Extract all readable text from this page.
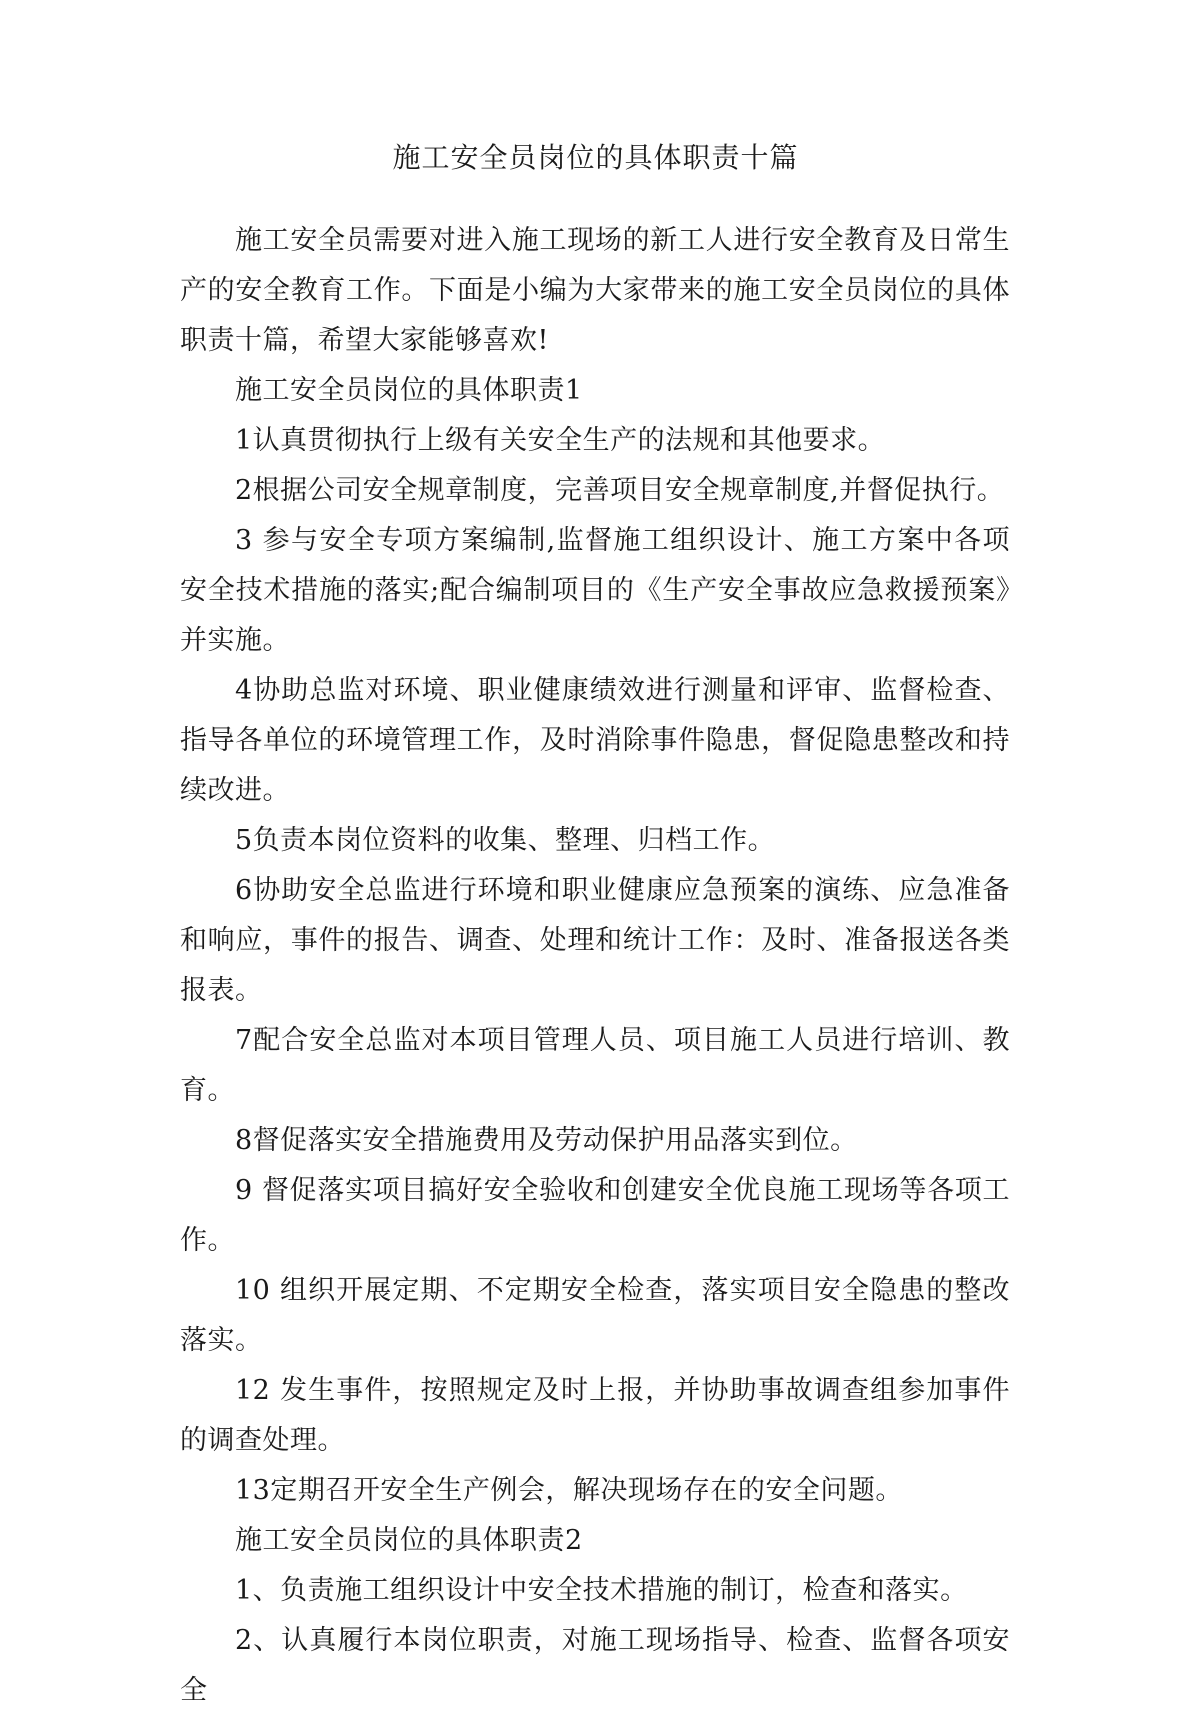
施工安全员岗位的具体职责十篇

施工安全员需要对进入施工现场的新工人进行安全教育及日常生产的安全教育工作。下面是小编为大家带来的施工安全员岗位的具体职责十篇，希望大家能够喜欢!

施工安全员岗位的具体职责1

1认真贯彻执行上级有关安全生产的法规和其他要求。

2根据公司安全规章制度，完善项目安全规章制度,并督促执行。

3 参与安全专项方案编制,监督施工组织设计、施工方案中各项安全技术措施的落实;配合编制项目的《生产安全事故应急救援预案》并实施。

4协助总监对环境、职业健康绩效进行测量和评审、监督检查、指导各单位的环境管理工作，及时消除事件隐患，督促隐患整改和持续改进。

5负责本岗位资料的收集、整理、归档工作。

6协助安全总监进行环境和职业健康应急预案的演练、应急准备和响应，事件的报告、调查、处理和统计工作：及时、准备报送各类报表。

7配合安全总监对本项目管理人员、项目施工人员进行培训、教育。

8督促落实安全措施费用及劳动保护用品落实到位。

9 督促落实项目搞好安全验收和创建安全优良施工现场等各项工作。

10 组织开展定期、不定期安全检查，落实项目安全隐患的整改落实。

12 发生事件，按照规定及时上报，并协助事故调查组参加事件的调查处理。

13定期召开安全生产例会，解决现场存在的安全问题。

施工安全员岗位的具体职责2

1、负责施工组织设计中安全技术措施的制订，检查和落实。

2、认真履行本岗位职责，对施工现场指导、检查、监督各项安全
